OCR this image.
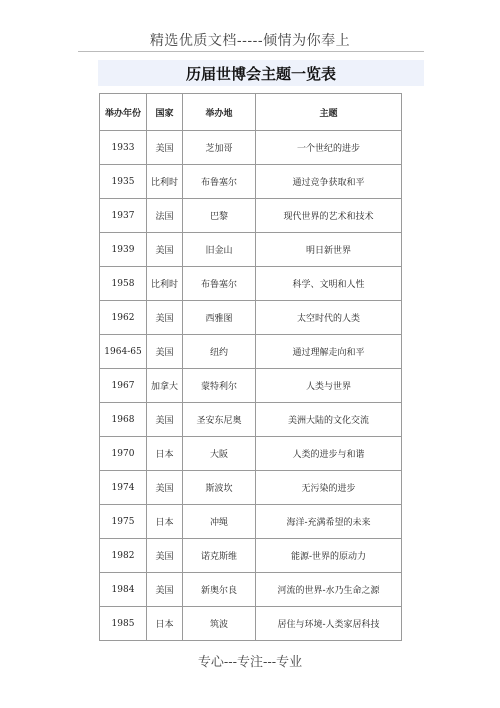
精选优质文档-----倾情为你奉上
历届世博会主题一览表
举办年份	国家	举办地	主题
1933	美国	芝加哥	一个世纪的进步
1935	比利时	布鲁塞尔	通过竞争获取和平
1937	法国	巴黎	现代世界的艺术和技术
1939	美国	旧金山	明日新世界
1958	比利时	布鲁塞尔	科学、文明和人性
1962	美国	西雅图	太空时代的人类
1964-65	美国	纽约	通过理解走向和平
1967	加拿大	蒙特利尔	人类与世界
1968	美国	圣安东尼奥	美洲大陆的文化交流
1970	日本	大阪	人类的进步与和谐
1974	美国	斯波坎	无污染的进步
1975	日本	冲绳	海洋-充满希望的未来
1982	美国	诺克斯维	能源-世界的原动力
1984	美国	新奥尔良	河流的世界-水乃生命之源
1985	日本	筑波	居住与环境-人类家居科技
专心---专注---专业
